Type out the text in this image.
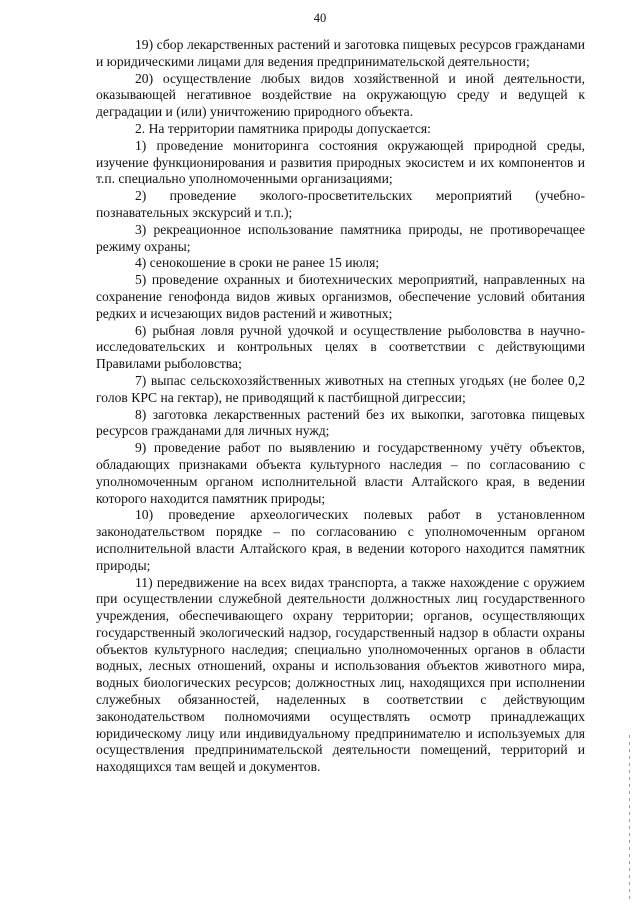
40

19) сбор лекарственных растений и заготовка пищевых ресурсов гражданами и юридическими лицами для ведения предпринимательской деятельности;

20) осуществление любых видов хозяйственной и иной деятельности, оказывающей негативное воздействие на окружающую среду и ведущей к деградации и (или) уничтожению природного объекта.

2. На территории памятника природы допускается:

1) проведение мониторинга состояния окружающей природной среды, изучение функционирования и развития природных экосистем и их компонентов и т.п. специально уполномоченными организациями;

2) проведение эколого-просветительских мероприятий (учебно-познавательных экскурсий и т.п.);

3) рекреационное использование памятника природы, не противоречащее режиму охраны;

4) сенокошение в сроки не ранее 15 июля;

5) проведение охранных и биотехнических мероприятий, направленных на сохранение генофонда видов живых организмов, обеспечение условий обитания редких и исчезающих видов растений и животных;

6) рыбная ловля ручной удочкой и осуществление рыболовства в научно-исследовательских и контрольных целях в соответствии с действующими Правилами рыболовства;

7) выпас сельскохозяйственных животных на степных угодьях (не более 0,2 голов КРС на гектар), не приводящий к пастбищной дигрессии;

8) заготовка лекарственных растений без их выкопки, заготовка пищевых ресурсов гражданами для личных нужд;

9) проведение работ по выявлению и государственному учёту объектов, обладающих признаками объекта культурного наследия – по согласованию с уполномоченным органом исполнительной власти Алтайского края, в ведении которого находится памятник природы;

10) проведение археологических полевых работ в установленном законодательством порядке – по согласованию с уполномоченным органом исполнительной власти Алтайского края, в ведении которого находится памятник природы;

11) передвижение на всех видах транспорта, а также нахождение с оружием при осуществлении служебной деятельности должностных лиц государственного учреждения, обеспечивающего охрану территории; органов, осуществляющих государственный экологический надзор, государственный надзор в области охраны объектов культурного наследия; специально уполномоченных органов в области водных, лесных отношений, охраны и использования объектов животного мира, водных биологических ресурсов; должностных лиц, находящихся при исполнении служебных обязанностей, наделенных в соответствии с действующим законодательством полномочиями осуществлять осмотр принадлежащих юридическому лицу или индивидуальному предпринимателю и используемых для осуществления предпринимательской деятельности помещений, территорий и находящихся там вещей и документов.
